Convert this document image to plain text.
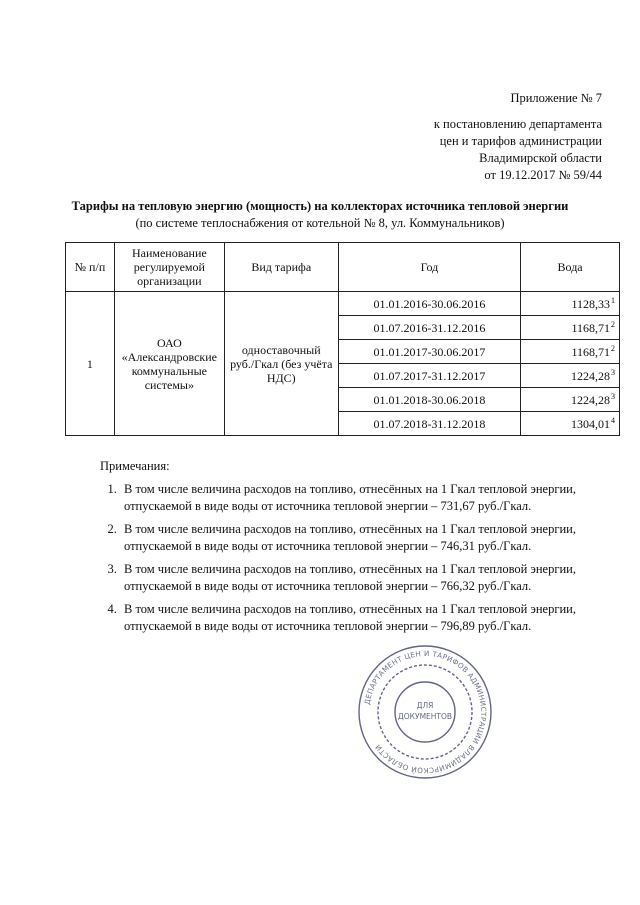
Приложение № 7
к постановлению департамента
цен и тарифов администрации
Владимирской области
от 19.12.2017 № 59/44
Тарифы на тепловую энергию (мощность) на коллекторах источника тепловой энергии
(по системе теплоснабжения от котельной № 8, ул. Коммунальников)
№ п/п	Наименование регулируемой организации	Вид тарифа	Год	Вода
1	ОАО «Александровские коммунальные системы»	одноставочный руб./Гкал (без учёта НДС)	01.01.2016-30.06.2016	1128,33$^1$
			01.07.2016-31.12.2016	1168,71$^2$
			01.01.2017-30.06.2017	1168,71$^2$
			01.07.2017-31.12.2017	1224,28$^3$
			01.01.2018-30.06.2018	1224,28$^3$
			01.07.2018-31.12.2018	1304,01$^4$
Примечания:
1. В том числе величина расходов на топливо, отнесённых на 1 Гкал тепловой энергии, отпускаемой в виде воды от источника тепловой энергии – 731,67 руб./Гкал.
2. В том числе величина расходов на топливо, отнесённых на 1 Гкал тепловой энергии, отпускаемой в виде воды от источника тепловой энергии – 746,31 руб./Гкал.
3. В том числе величина расходов на топливо, отнесённых на 1 Гкал тепловой энергии, отпускаемой в виде воды от источника тепловой энергии – 766,32 руб./Гкал.
4. В том числе величина расходов на топливо, отнесённых на 1 Гкал тепловой энергии, отпускаемой в виде воды от источника тепловой энергии – 796,89 руб./Гкал.
ДЕПАРТАМЕНТ ЦЕН И ТАРИФОВ АДМИНИСТРАЦИИ ВЛАДИМИРСКОЙ ОБЛАСТИ
ДЛЯ
ДОКУМЕНТОВ
